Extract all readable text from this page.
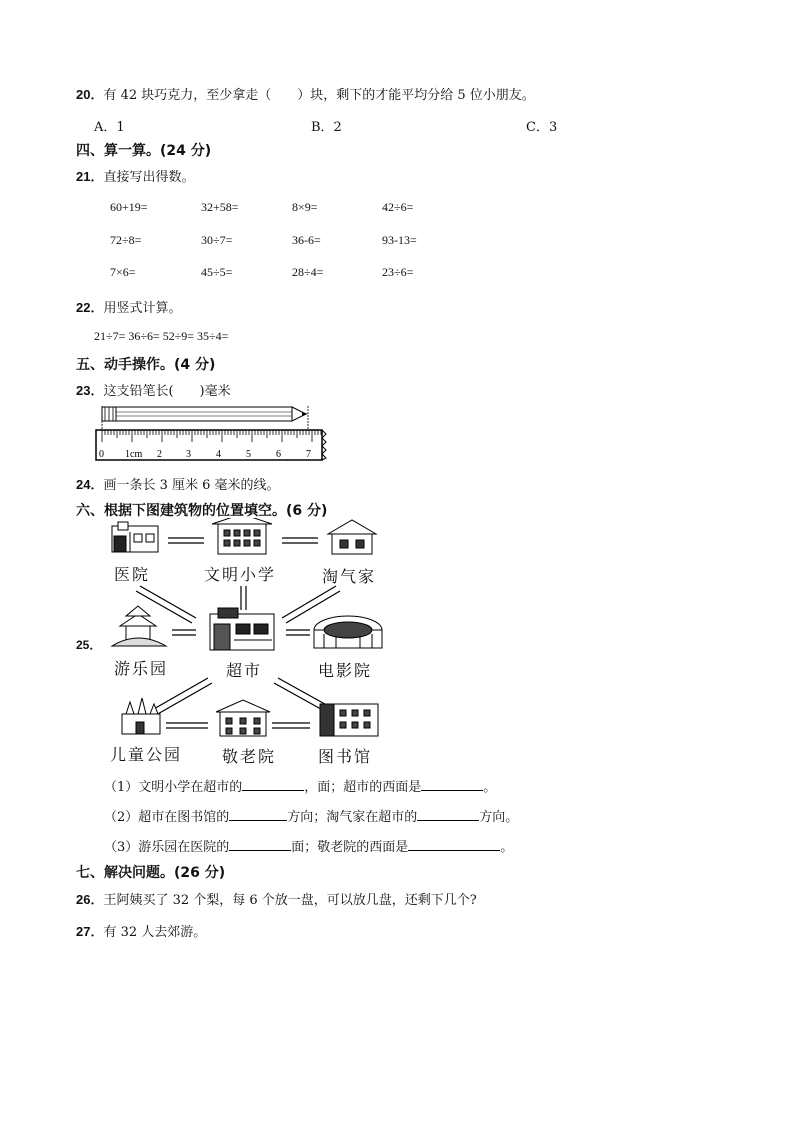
20．有 42 块巧克力，至少拿走（　　）块，剩下的才能平均分给 5 位小朋友。
A．1	B．2	C．3
四、算一算。(24 分)
21．直接写出得数。
60+19=	32+58=	8×9=	42÷6=
72÷8=	30÷7=	36-6=	93-13=
7×6=	45÷5=	28÷4=	23÷6=
22．用竖式计算。
21÷7= 36÷6= 52÷9= 35÷4=
五、动手操作。(4 分)
23．这支铅笔长(　　)毫米
0 1cm 2 3	4	5	6	7
24．画一条长 3 厘米 6 毫米的线。
六、根据下图建筑物的位置填空。(6 分)
25．
医院	文明小学	淘气家
游乐园	超市	电影院
儿童公园 敬老院	图书馆
（1）文明小学在超市的	，面；超市的西面是	。
（2）超市在图书馆的	方向；淘气家在超市的	方向。
（3）游乐园在医院的	面；敬老院的西面是	。
七、解决问题。(26 分)
26．王阿姨买了 32 个梨，每 6 个放一盘，可以放几盘，还剩下几个?
27．有 32 人去郊游。
